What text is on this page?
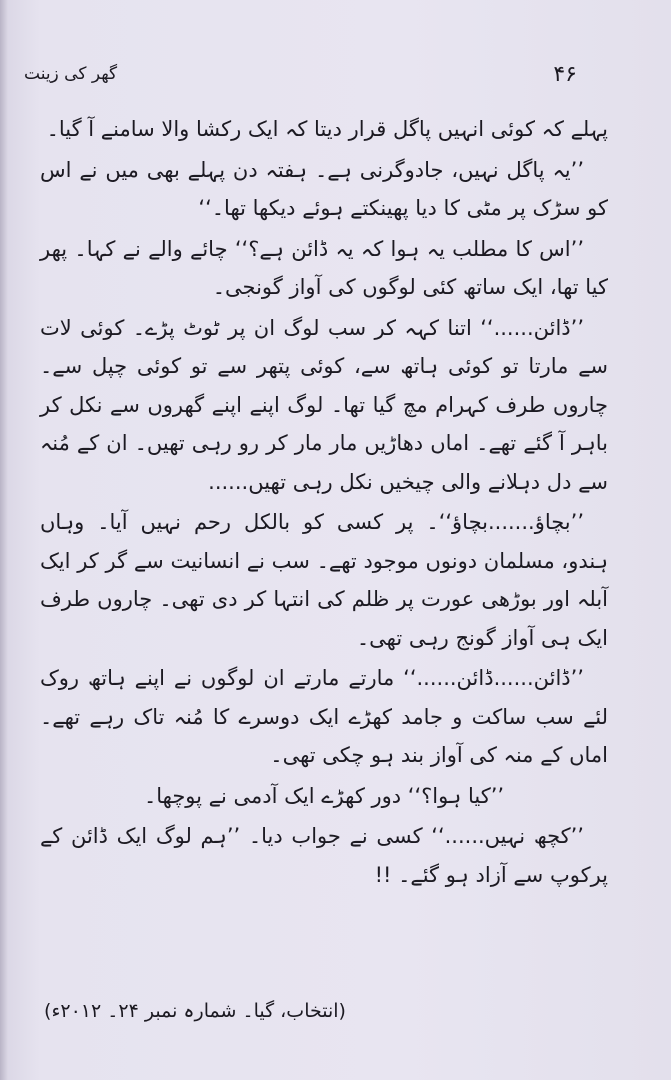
گھر کی زینت	۴۶

پہلے کہ کوئی انہیں پاگل قرار دیتا کہ ایک رکشا والا سامنے آ گیا۔

’’یہ پاگل نہیں، جادوگرنی ہے۔ ہفتہ دن پہلے بھی میں نے اس کو سڑک پر مٹی کا دیا پھینکتے ہوئے دیکھا تھا۔‘‘

’’اس کا مطلب یہ ہوا کہ یہ ڈائن ہے؟‘‘ چائے والے نے کہا۔ پھر کیا تھا، ایک ساتھ کئی لوگوں کی آواز گونجی۔

’’ڈائن......‘‘ اتنا کہہ کر سب لوگ ان پر ٹوٹ پڑے۔ کوئی لات سے مارتا تو کوئی ہاتھ سے، کوئی پتھر سے تو کوئی چپل سے۔ چاروں طرف کہرام مچ گیا تھا۔ لوگ اپنے اپنے گھروں سے نکل کر باہر آ گئے تھے۔ اماں دھاڑیں مار مار کر رو رہی تھیں۔ ان کے مُنہ سے دل دہلانے والی چیخیں نکل رہی تھیں......

’’بچاؤ.......بچاؤ‘‘۔ پر کسی کو بالکل رحم نہیں آیا۔ وہاں ہندو، مسلمان دونوں موجود تھے۔ سب نے انسانیت سے گر کر ایک آبلہ اور بوڑھی عورت پر ظلم کی انتہا کر دی تھی۔ چاروں طرف ایک ہی آواز گونج رہی تھی۔

’’ڈائن......ڈائن......‘‘ مارتے مارتے ان لوگوں نے اپنے ہاتھ روک لئے سب ساکت و جامد کھڑے ایک دوسرے کا مُنہ تاک رہے تھے۔ اماں کے منہ کی آواز بند ہو چکی تھی۔

’’کیا ہوا؟‘‘ دور کھڑے ایک آدمی نے پوچھا۔

’’کچھ نہیں......‘‘ کسی نے جواب دیا۔ ’’ہم لوگ ایک ڈائن کے پرکوپ سے آزاد ہو گئے۔ !!

(انتخاب، گیا۔ شمارہ نمبر ۲۴۔ ۲۰۱۲ء)
